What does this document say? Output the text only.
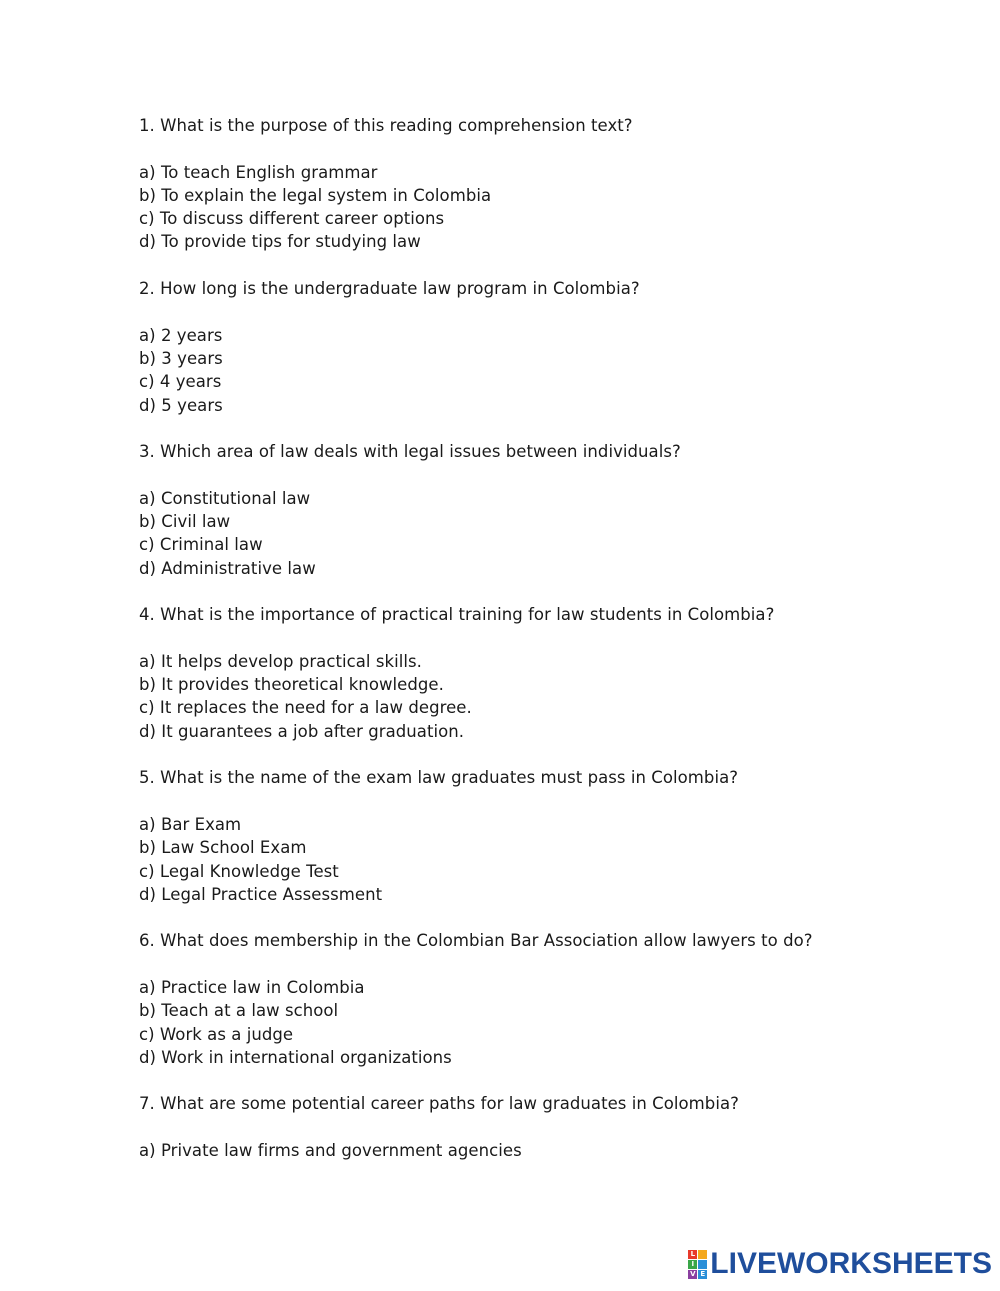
1. What is the purpose of this reading comprehension text?
a) To teach English grammar
b) To explain the legal system in Colombia
c) To discuss different career options
d) To provide tips for studying law
2. How long is the undergraduate law program in Colombia?
a) 2 years
b) 3 years
c) 4 years
d) 5 years
3. Which area of law deals with legal issues between individuals?
a) Constitutional law
b) Civil law
c) Criminal law
d) Administrative law
4. What is the importance of practical training for law students in Colombia?
a) It helps develop practical skills.
b) It provides theoretical knowledge.
c) It replaces the need for a law degree.
d) It guarantees a job after graduation.
5. What is the name of the exam law graduates must pass in Colombia?
a) Bar Exam
b) Law School Exam
c) Legal Knowledge Test
d) Legal Practice Assessment
6. What does membership in the Colombian Bar Association allow lawyers to do?
a) Practice law in Colombia
b) Teach at a law school
c) Work as a judge
d) Work in international organizations
7. What are some potential career paths for law graduates in Colombia?
a) Private law firms and government agencies
L
I
V E LIVEWORKSHEETS
